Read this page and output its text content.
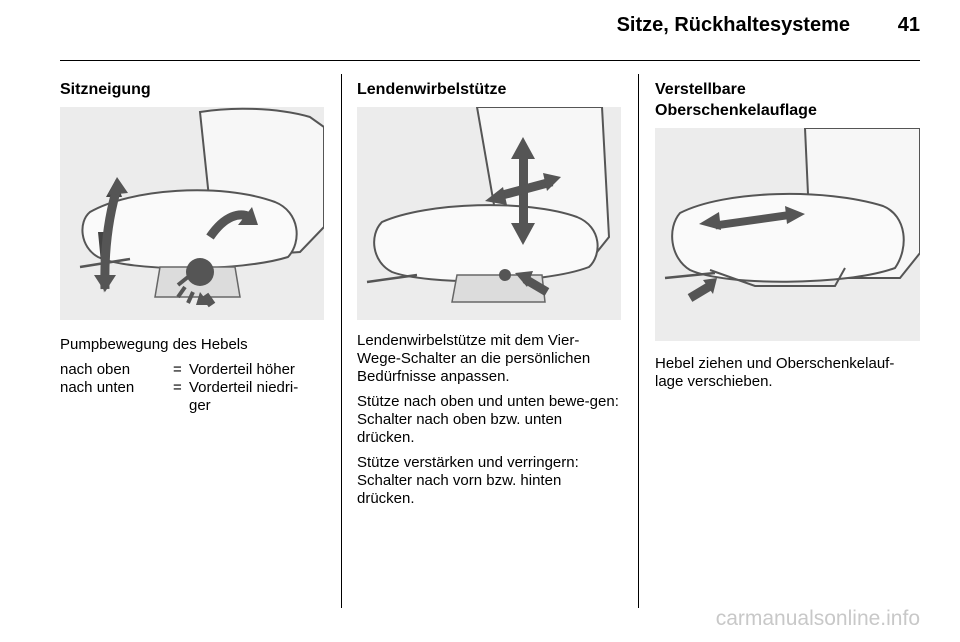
Sitze, Rückhaltesysteme	41
Sitzneigung
Pumpbewegung des Hebels
nach oben	= Vorderteil höher
nach unten	= Vorderteil niedri-ger
Lendenwirbelstütze

Lendenwirbelstütze mit dem Vier-Wege-Schalter an die persönlichen Bedürfnisse anpassen.

Stütze nach oben und unten bewe-gen: Schalter nach oben bzw. unten drücken.

Stütze verstärken und verringern: Schalter nach vorn bzw. hinten drücken.

Verstellbare
Oberschenkelauflage
Hebel ziehen und Oberschenkelauf-lage verschieben.
carmanualsonline.info
